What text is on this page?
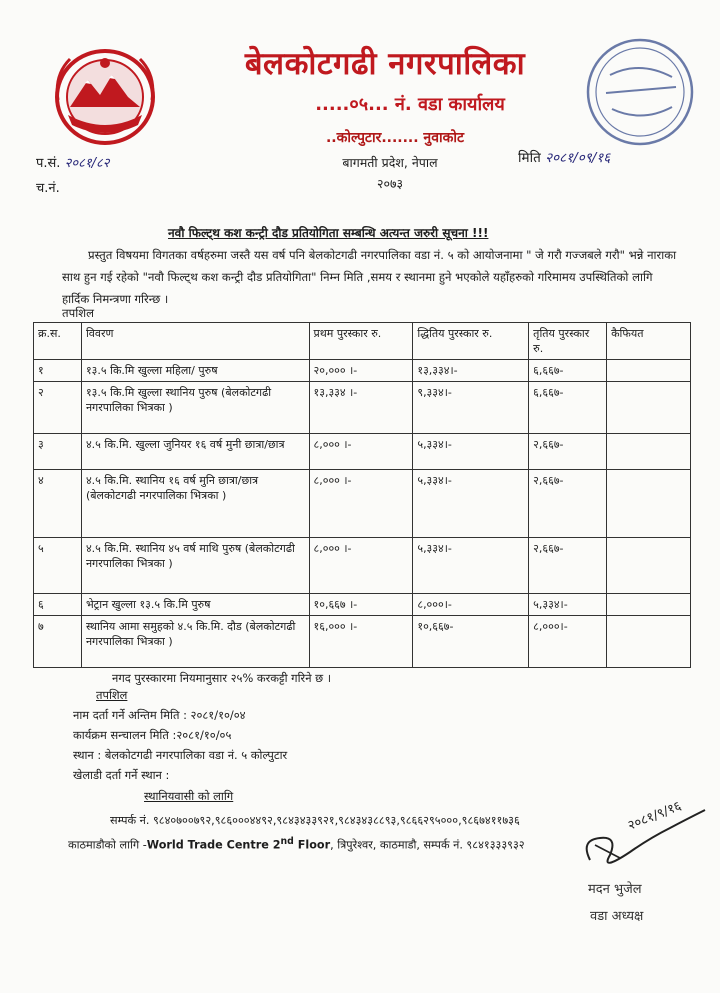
बेलकोटगढी नगरपालिका
.....०५... नं. वडा कार्यालय
..कोल्पुटार....... नुवाकोट
बागमती प्रदेश, नेपाल
२०७३
प.सं. २०८१/८२
च.नं.
मिति २०८१/०९/१६
नवौ फिल्ट्थ कश कन्ट्री दौड प्रतियोगिता सम्बन्धि अत्यन्त जरुरी सूचना !!!
प्रस्तुत विषयमा विगतका वर्षहरुमा जस्तै यस वर्ष पनि बेलकोटगढी नगरपालिका वडा नं. ५ को आयोजनामा " जे गरौ गज्जबले गरौ" भन्ने नाराका साथ हुन गई रहेको "नवौ फिल्ट्थ कश कन्ट्री दौड प्रतियोगिता" निम्न मिति ,समय र स्थानमा हुने भएकोले यहाँहरुको गरिमामय उपस्थितिको लागि हार्दिक निमन्त्रणा गरिन्छ ।
तपशिल
क्र.स.	विवरण	प्रथम पुरस्कार रु.	द्धितिय पुरस्कार रु.	तृतिय पुरस्कार रु.	कैफियत
१	१३.५ कि.मि खुल्ला महिला/ पुरुष	२०,००० ।-	१३,३३४।-	६,६६७-	
२	१३.५ कि.मि खुल्ला स्थानिय पुरुष (बेलकोटगढी नगरपालिका भित्रका )	१३,३३४ ।-	९,३३४।-	६,६६७-	
३	४.५ कि.मि. खुल्ला जुनियर १६ वर्ष मुनी छात्रा/छात्र	८,००० ।-	५,३३४।-	२,६६७-	
४	४.५ कि.मि. स्थानिय १६ वर्ष मुनि छात्रा/छात्र (बेलकोटगढी नगरपालिका भित्रका )	८,००० ।-	५,३३४।-	२,६६७-	
५	४.५ कि.मि. स्थानिय ४५ वर्ष माथि पुरुष (बेलकोटगढी नगरपालिका भित्रका )	८,००० ।-	५,३३४।-	२,६६७-	
६	भेट्रान खुल्ला १३.५ कि.मि पुरुष	१०,६६७ ।-	८,०००।-	५,३३४।-	
७	स्थानिय आमा समुहको ४.५ कि.मि. दौड (बेलकोटगढी नगरपालिका भित्रका )	१६,००० ।-	१०,६६७-	८,०००।-	
नगद पुरस्कारमा नियमानुसार २५% करकट्टी गरिने छ ।
तपशिल
नाम दर्ता गर्ने अन्तिम मिति : २०८१/१०/०४
कार्यक्रम सन्चालन मिति :२०८१/१०/०५
स्थान : बेलकोटगढी नगरपालिका वडा नं. ५ कोल्पुटार
खेलाडी दर्ता गर्ने स्थान :
स्थानियवासी को लागि
सम्पर्क नं. ९८४०७००७९२,९८६०००४४९२,९८४३४३३९२१,९८४३४३८८९३,९८६६२९५०००,९८६७४११७३६
काठमाडौको लागि -World Trade Centre 2nd Floor, त्रिपुरेश्वर, काठमाडौ, सम्पर्क नं. ९८४१३३३९३२
२०८१/९/१६
मदन भुजेल
वडा अध्यक्ष
